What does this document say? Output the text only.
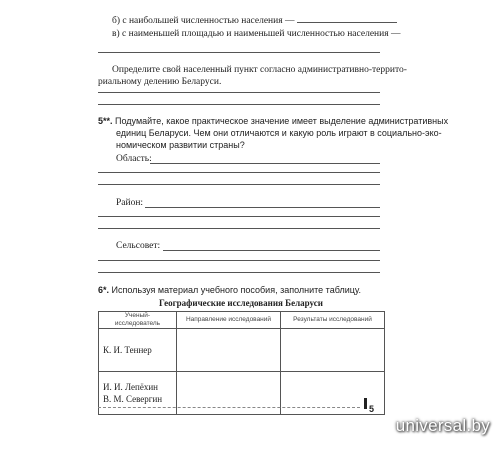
б) с наибольшей численностью населения —
в) с наименьшей площадью и наименьшей численностью населения —
Определите свой населенный пункт согласно административно-террито-
риальному делению Беларуси.
5**. Подумайте, какое практическое значение имеет выделение административных
единиц Беларуси. Чем они отличаются и какую роль играют в социально-эко-
номическом развитии страны?
Область:
Район:
Сельсовет:
6*. Используя материал учебного пособия, заполните таблицу.
Географические исследования Беларуси
Ученый-исследователь	Направление исследований	Результаты исследований
К. И. Теннер		

И. И. Лепёхин
В. М. Севергин		

5
universal.by
